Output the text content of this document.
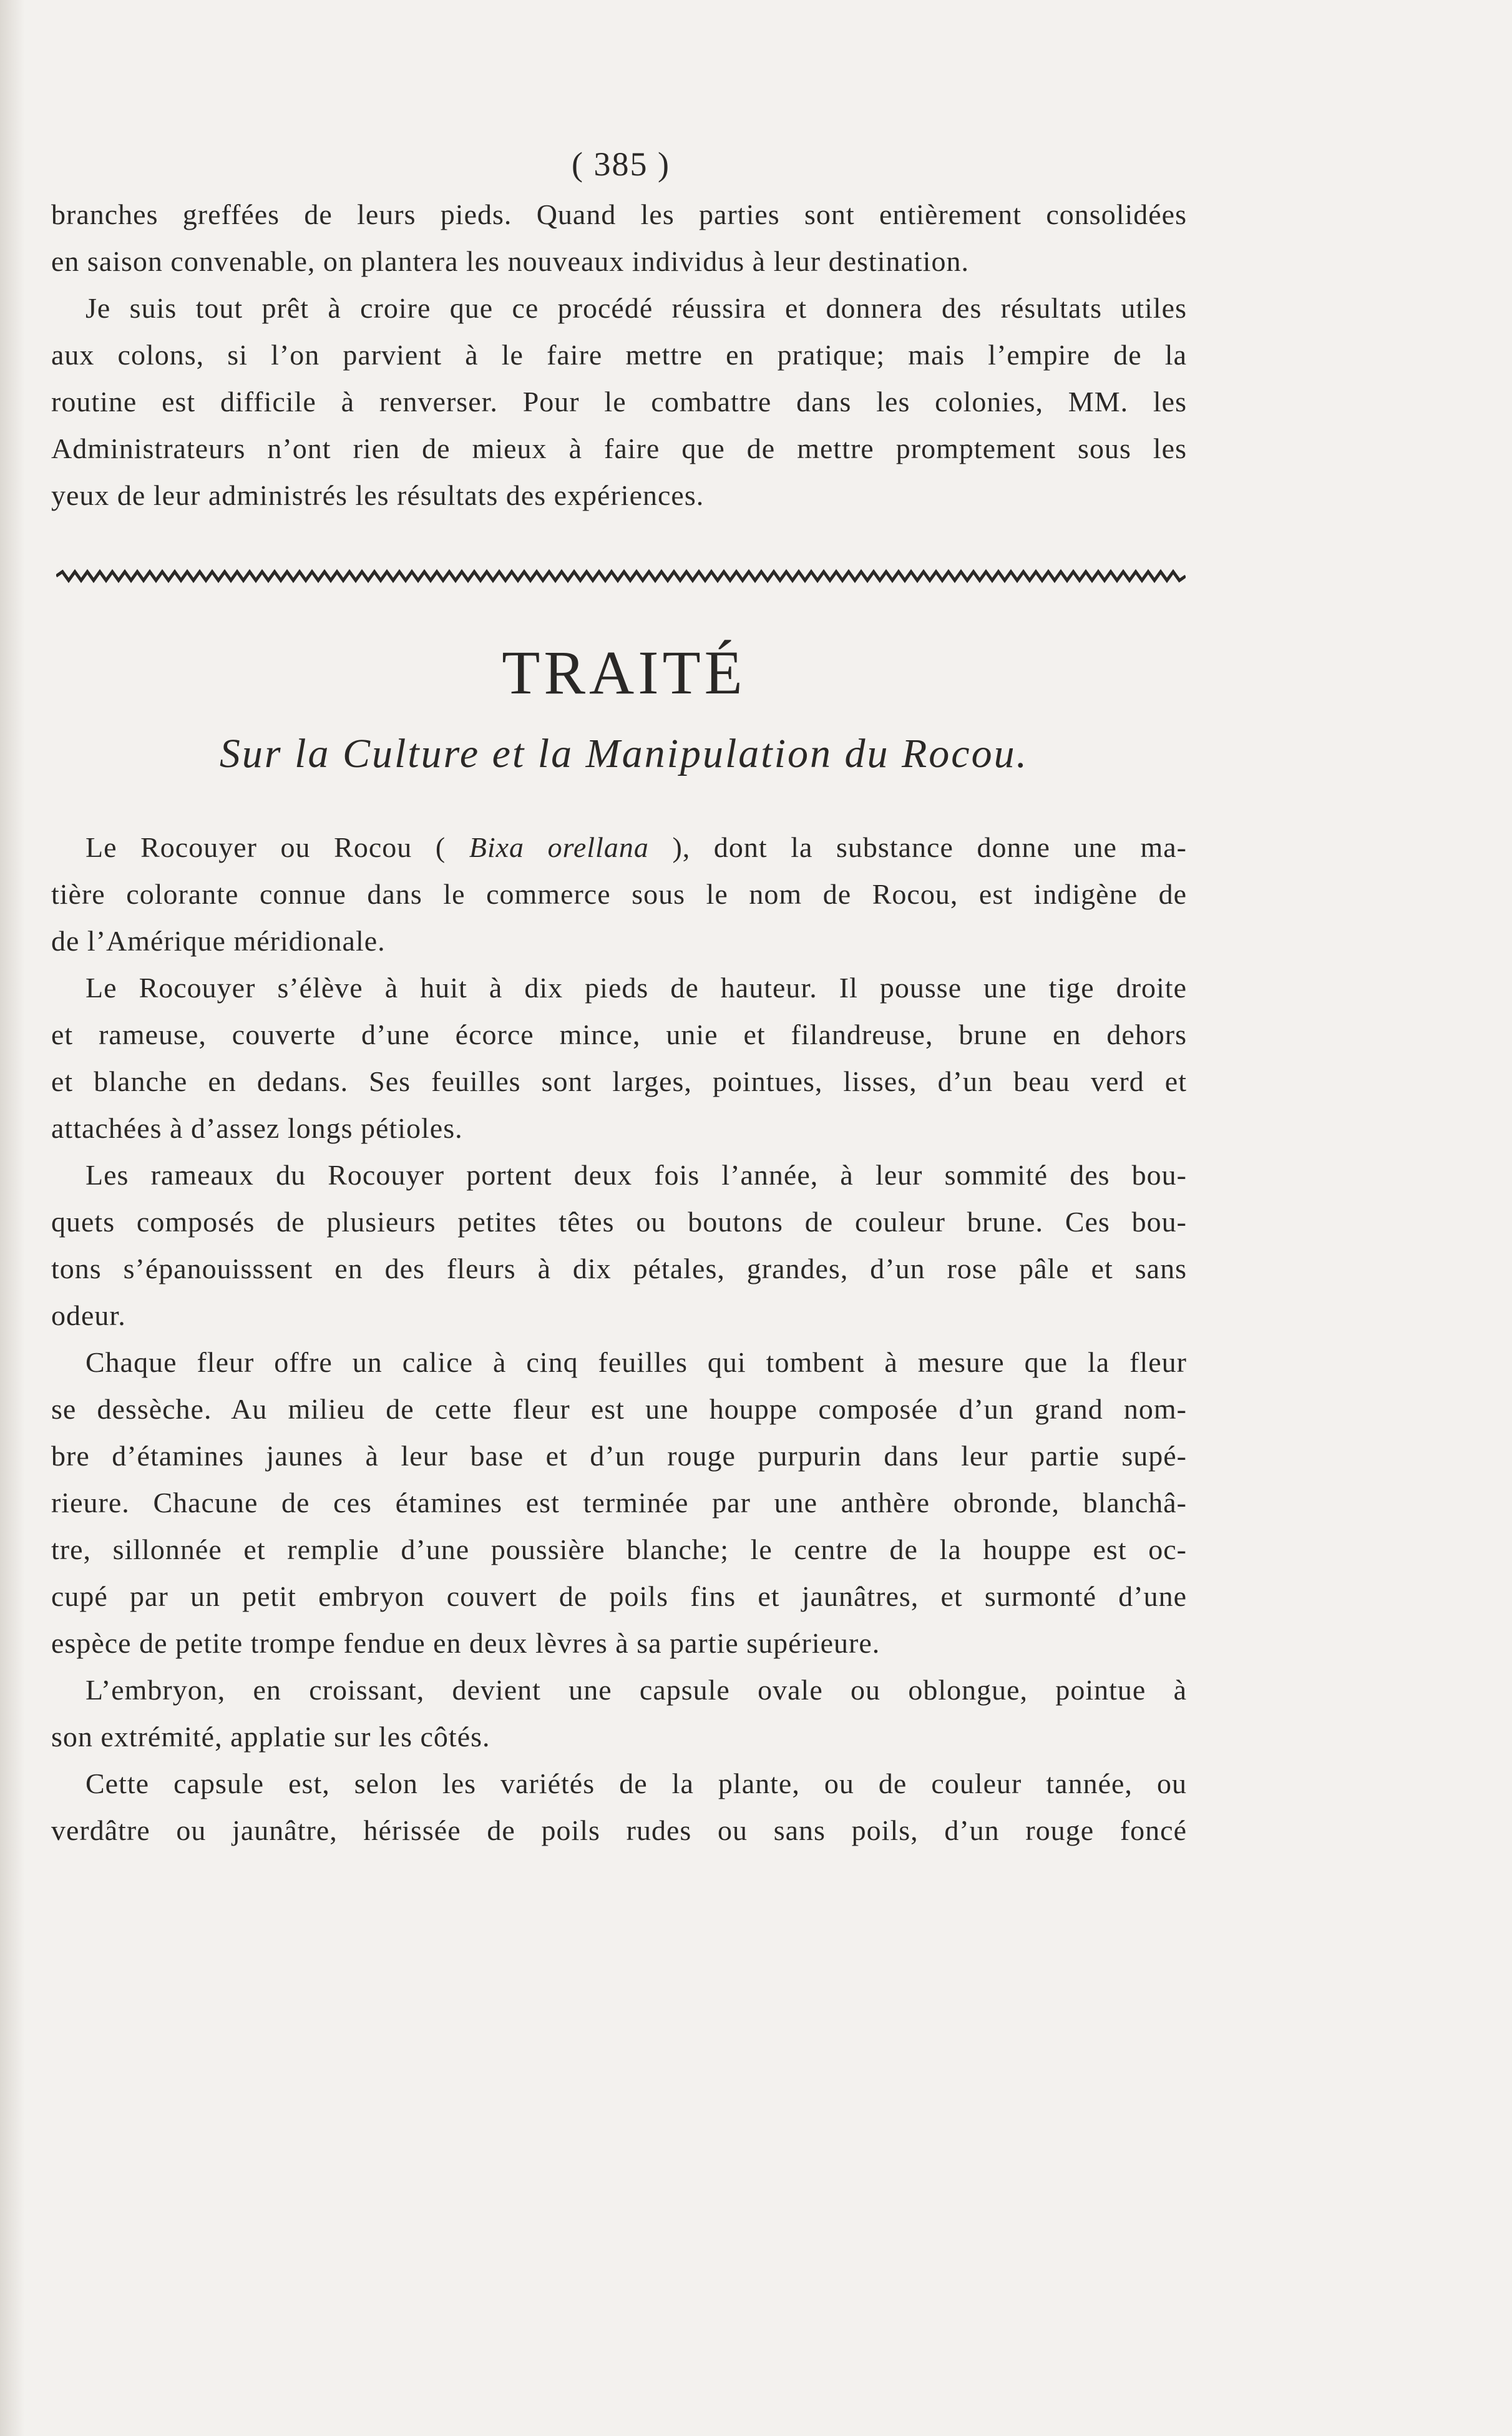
( 385 )
branches greffées de leurs pieds. Quand les parties sont entièrement consolidées
en saison convenable, on plantera les nouveaux individus à leur destination.
Je suis tout prêt à croire que ce procédé réussira et donnera des résultats utiles
aux colons, si l’on parvient à le faire mettre en pratique; mais l’empire de la
routine est difficile à renverser. Pour le combattre dans les colonies, MM. les
Administrateurs n’ont rien de mieux à faire que de mettre promptement sous les
yeux de leur administrés les résultats des expériences.
TRAITÉ
Sur la Culture et la Manipulation du Rocou.
Le Rocouyer ou Rocou ( Bixa orellana ), dont la substance donne une ma-
tière colorante connue dans le commerce sous le nom de Rocou, est indigène de
de l’Amérique méridionale.
Le Rocouyer s’élève à huit à dix pieds de hauteur. Il pousse une tige droite
et rameuse, couverte d’une écorce mince, unie et filandreuse, brune en dehors
et blanche en dedans. Ses feuilles sont larges, pointues, lisses, d’un beau verd et
attachées à d’assez longs pétioles.
Les rameaux du Rocouyer portent deux fois l’année, à leur sommité des bou-
quets composés de plusieurs petites têtes ou boutons de couleur brune. Ces bou-
tons s’épanouisssent en des fleurs à dix pétales, grandes, d’un rose pâle et sans
odeur.
Chaque fleur offre un calice à cinq feuilles qui tombent à mesure que la fleur
se dessèche. Au milieu de cette fleur est une houppe composée d’un grand nom-
bre d’étamines jaunes à leur base et d’un rouge purpurin dans leur partie supé-
rieure. Chacune de ces étamines est terminée par une anthère obronde, blanchâ-
tre, sillonnée et remplie d’une poussière blanche; le centre de la houppe est oc-
cupé par un petit embryon couvert de poils fins et jaunâtres, et surmonté d’une
espèce de petite trompe fendue en deux lèvres à sa partie supérieure.
L’embryon, en croissant, devient une capsule ovale ou oblongue, pointue à
son extrémité, applatie sur les côtés.
Cette capsule est, selon les variétés de la plante, ou de couleur tannée, ou
verdâtre ou jaunâtre, hérissée de poils rudes ou sans poils, d’un rouge foncé
